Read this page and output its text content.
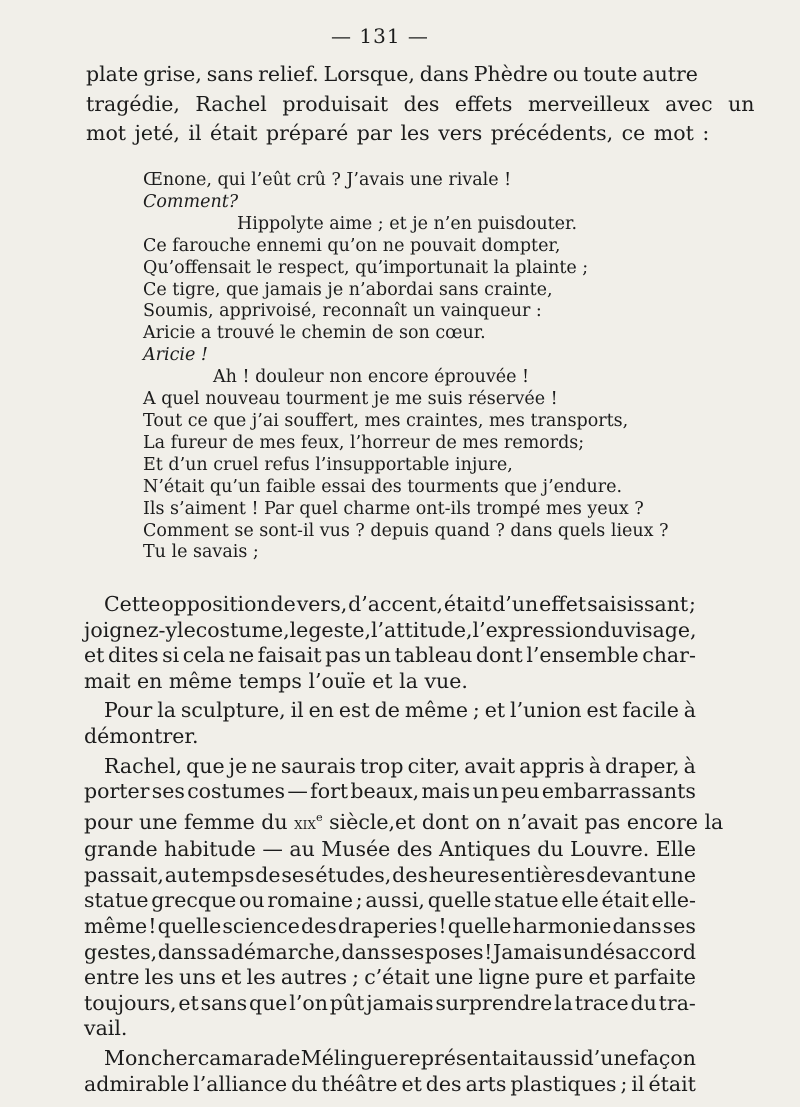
— 131 —
plate grise, sans relief. Lorsque, dans Phèdre ou toute autre
tragédie, Rachel produisait des effets merveilleux avec un
mot jeté, il était préparé par les vers précédents, ce mot :
Œnone, qui l’eût crû ? J’avais une rivale !
Comment?
Hippolyte aime ; et je n’en puisdouter.
Ce farouche ennemi qu’on ne pouvait dompter,
Qu’offensait le respect, qu’importunait la plainte ;
Ce tigre, que jamais je n’abordai sans crainte,
Soumis, apprivoisé, reconnaît un vainqueur :
Aricie a trouvé le chemin de son cœur.
Aricie !
Ah ! douleur non encore éprouvée !
A quel nouveau tourment je me suis réservée !
Tout ce que j’ai souffert, mes craintes, mes transports,
La fureur de mes feux, l’horreur de mes remords;
Et d’un cruel refus l’insupportable injure,
N’était qu’un faible essai des tourments que j’endure.
Ils s’aiment ! Par quel charme ont-ils trompé mes yeux ?
Comment se sont-il vus ? depuis quand ? dans quels lieux ?
Tu le savais ;
Cette opposition de vers, d’accent, était d’un effet saisissant ;
joignez-y le costume, le geste, l’attitude, l’expression du visage,
et dites si cela ne faisait pas un tableau dont l’ensemble char-
mait en même temps l’ouïe et la vue.
Pour la sculpture, il en est de même ; et l’union est facile à
démontrer.
Rachel, que je ne saurais trop citer, avait appris à draper, à
porter ses costumes — fort beaux, mais un peu embarrassants
pour une femme du xix$^e$ siècle,et dont on n’avait pas encore la
grande habitude — au Musée des Antiques du Louvre. Elle
passait, au temps de ses études, des heures entières devant une
statue grecque ou romaine ; aussi, quelle statue elle était elle-
même ! quelle science des draperies ! quelle harmonie dans ses
gestes, dans sa démarche, dans ses poses ! Jamais un désaccord
entre les uns et les autres ; c’était une ligne pure et parfaite
toujours, et sans que l’on pût jamais surprendre la trace du tra-
vail.
Mon cher camarade Mélingue représentait aussi d’une façon
admirable l’alliance du théâtre et des arts plastiques ; il était
